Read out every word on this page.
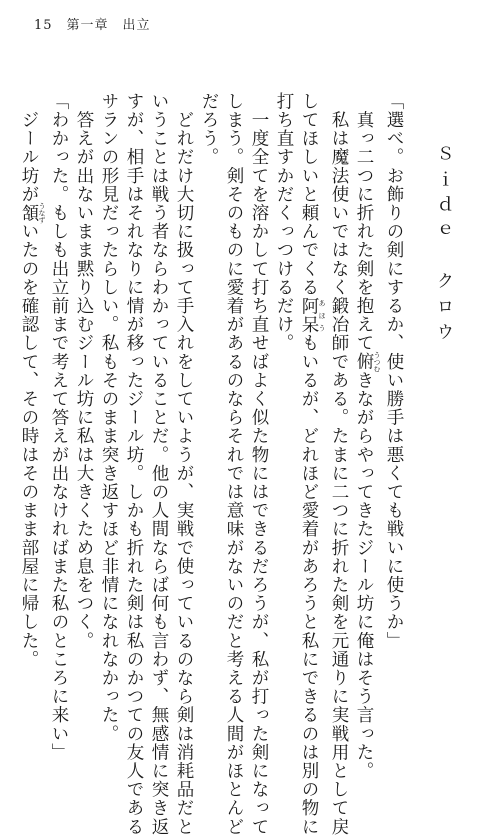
15 第一章　出立
Ｓｉｄｅ　クロウ
「選べ。お飾りの剣にするか、使い勝手は悪くても戦いに使うか」
　真っ二つに折れた剣を抱えて俯 うつむきながらやってきたジール坊に俺はそう言った。
　私は魔法使いではなく鍛冶師である。たまに二つに折れた剣を元通りに実戦用として戻
してほしいと頼んでくる阿呆 あほうもいるが、どれほど愛着があろうと私にできるのは別の物に
打ち直すかだくっつけるだけ。
　一度全てを溶かして打ち直せばよく似た物にはできるだろうが、私が打った剣になって
しまう。剣そのものに愛着があるのならそれでは意味がないのだと考える人間がほとんど
だろう。
　どれだけ大切に扱って手入れをしていようが、実戦で使っているのなら剣は消耗品だと
いうことは戦う者ならわかっていることだ。他の人間ならば何も言わず、無感情に突き返
すが、相手はそれなりに情が移ったジール坊。しかも折れた剣は私のかつての友人である
サランの形見だったらしい。私もそのまま突き返すほど非情になれなかった。
　答えが出ないまま黙り込むジール坊に私は大きくため息をつく。
「わかった。もしも出立前まで考えて答えが出なければまた私のところに来い」
　ジール坊が頷 うなずいたのを確認して、その時はそのまま部屋に帰した。
